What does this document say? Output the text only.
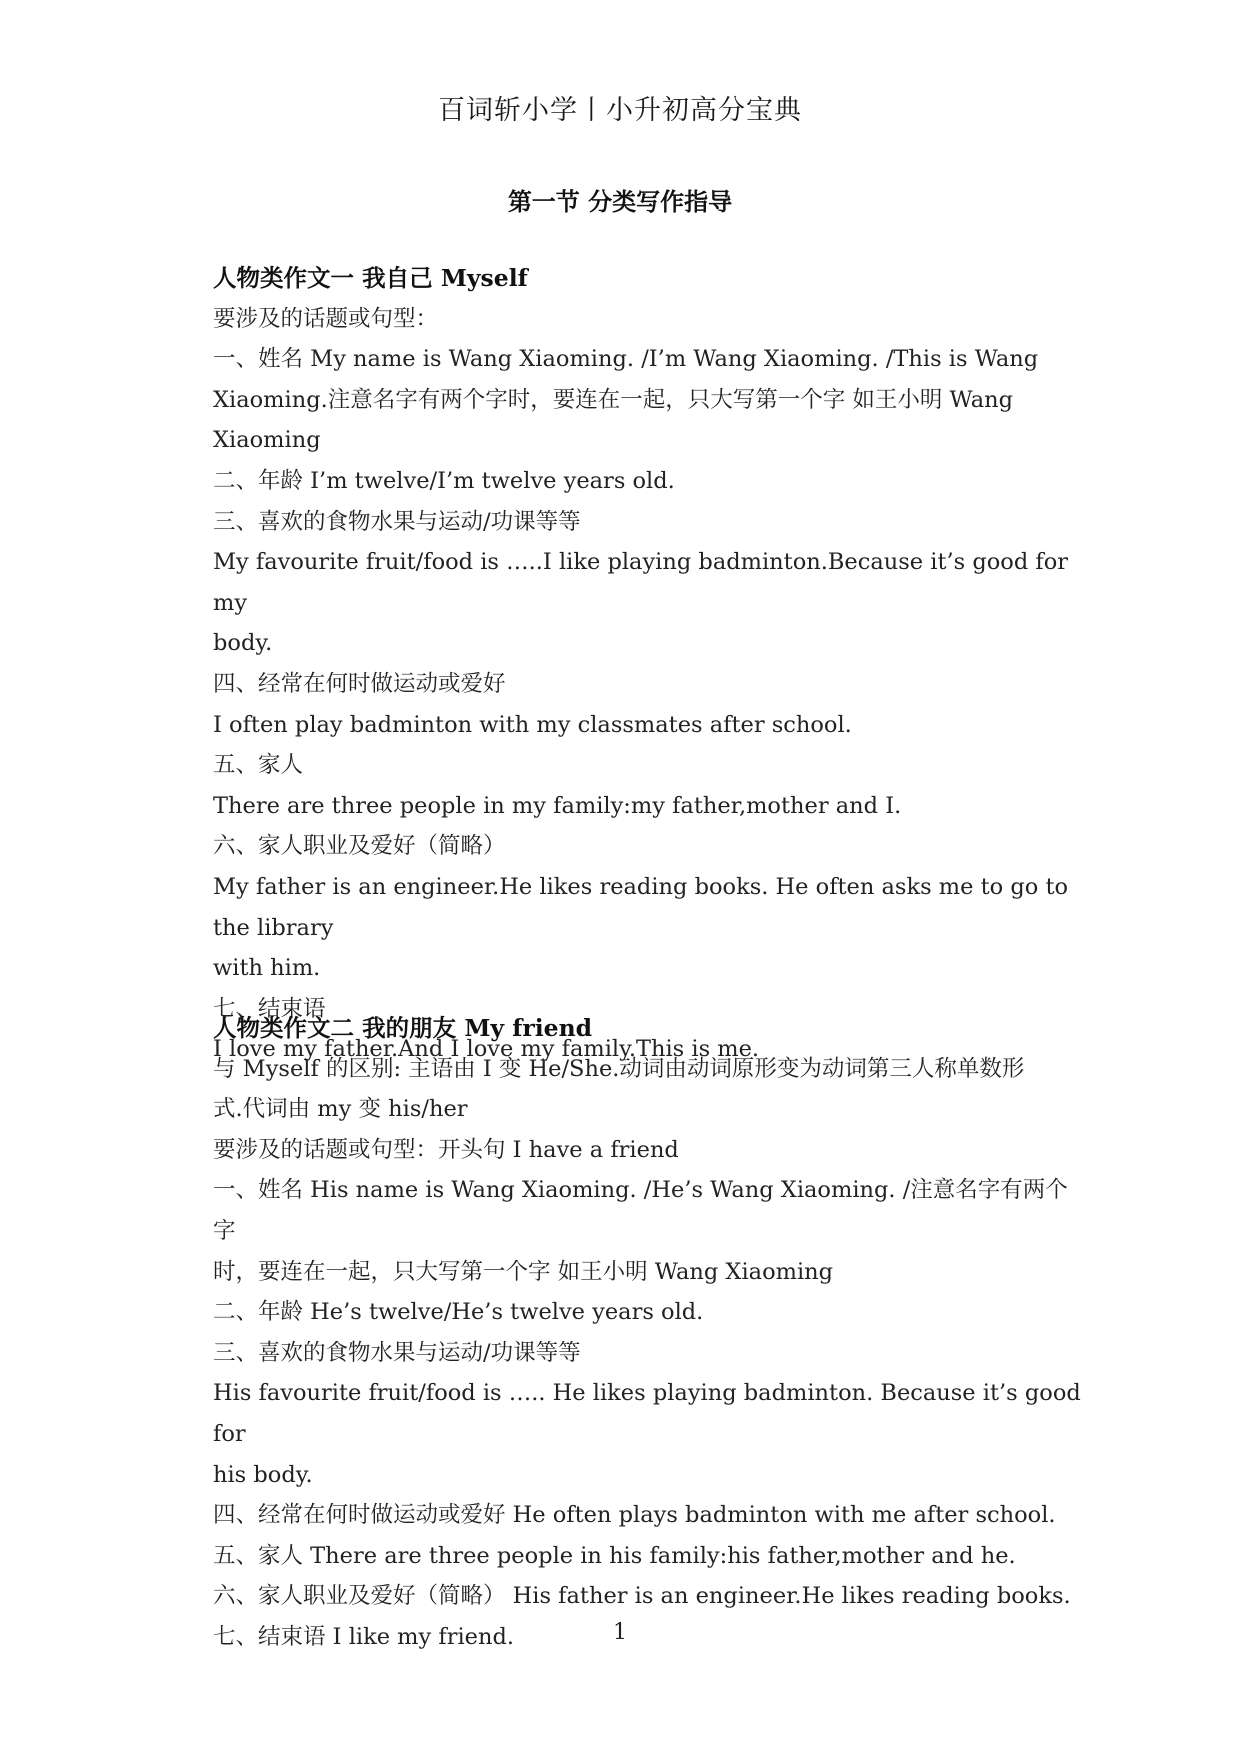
百词斩小学丨小升初高分宝典
第一节 分类写作指导

人物类作文一 我自己 Myself

要涉及的话题或句型：

一、姓名 My name is Wang Xiaoming. /I’m Wang Xiaoming. /This is Wang

Xiaoming.注意名字有两个字时，要连在一起，只大写第一个字 如王小明 Wang

Xiaoming

二、年龄 I’m twelve/I’m twelve years old.

三、喜欢的食物水果与运动/功课等等

My favourite fruit/food is …..I like playing badminton.Because it’s good for my

body.

四、经常在何时做运动或爱好

I often play badminton with my classmates after school.

五、家人

There are three people in my family:my father,mother and I.

六、家人职业及爱好（简略）

My father is an engineer.He likes reading books. He often asks me to go to the library

with him.

七、结束语

I love my father.And I love my family.This is me.

人物类作文二 我的朋友 My friend

与 Myself 的区别: 主语由 I 变 He/She.动词由动词原形变为动词第三人称单数形

式.代词由 my 变 his/her

要涉及的话题或句型：开头句 I have a friend

一、姓名 His name is Wang Xiaoming. /He’s Wang Xiaoming. /注意名字有两个字

时，要连在一起，只大写第一个字 如王小明 Wang Xiaoming

二、年龄 He’s twelve/He’s twelve years old.

三、喜欢的食物水果与运动/功课等等

His favourite fruit/food is ….. He likes playing badminton. Because it’s good for

his body.

四、经常在何时做运动或爱好 He often plays badminton with me after school.

五、家人 There are three people in his family:his father,mother and he.

六、家人职业及爱好（简略） His father is an engineer.He likes reading books.

七、结束语 I like my friend.	1
